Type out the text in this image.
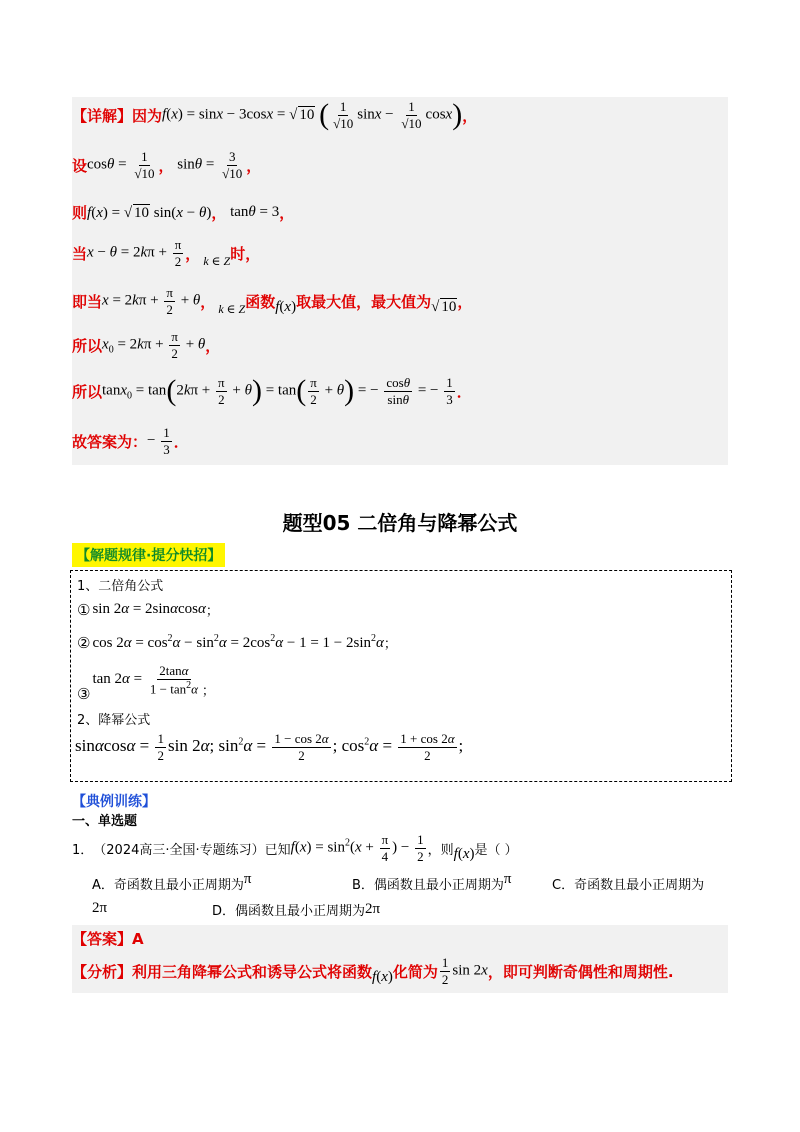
【详解】因为 f(x) = sinx − 3cosx = √ 10 ( $\frac{1}{√10}$ $\sin x - \frac{1}{√10} \cos x$) ，
设 $\cos\theta = \frac{1}{√10}$ ， $\sin\theta = \frac{3}{√10}$ ，
则 f(x) = √ 10 sin(x − θ) ， tanθ = 3 ，
当 $x - \theta = 2k\pi + \frac{\pi}{2}$ ， k ∈ Z 时，
即当 $x = 2k\pi + \frac{\pi}{2} + \theta$ ， k ∈ Z 函数 f(x) 取最大值，最大值为 √ 10 ，
所以 $x_0 = 2k\pi + \frac{\pi}{2} + \theta$ ，
所以 $\tan x_0 = \tan(2k\pi + \frac{\pi}{2} + \theta) = \tan( \frac{\pi}{2} + \theta)$ = − $\frac{\cos\theta}{\sin\theta}$ = − $\frac{1}{3}$ ．
故答案为： − $\frac{1}{3}$ ．
题型05 二倍角与降幂公式
【解题规律·提分快招】
1、二倍角公式
① sin 2α = 2sinαcosα ；
② $\cos 2\alpha = \cos^2\alpha - \sin^2\alpha = 2\cos^2\alpha - 1 = 1 - 2\sin^2\alpha$ ；
③
$\tan 2\alpha = \frac{2\tan\alpha}{1 - \tan^2\alpha}$ ；
2、降幂公式
$\sin\alpha\cos\alpha = \frac{1}{2}$ sin 2α; $\sin^2\alpha = \frac{1 - \cos 2\alpha}{2}$ ; $\cos^2\alpha = \frac{1 + \cos 2\alpha}{2}$ ;
【典例训练】
一、单选题
1． （2024高三·全国·专题练习）已知 $f(x) = \sin^2(x + \frac{\pi}{4}$ ) − $\frac{1}{2}$ ，则 f(x) 是（ ）
A．奇函数且最小正周期为 π	B．偶函数且最小正周期为 π	C．奇函数且最小正周期为
2π	D．偶函数且最小正周期为 2π
【答案】A
【分析】利用三角降幂公式和诱导公式将函数 f(x) 化简为 $\frac{1}{2}$ sin 2x ，即可判断奇偶性和周期性.
